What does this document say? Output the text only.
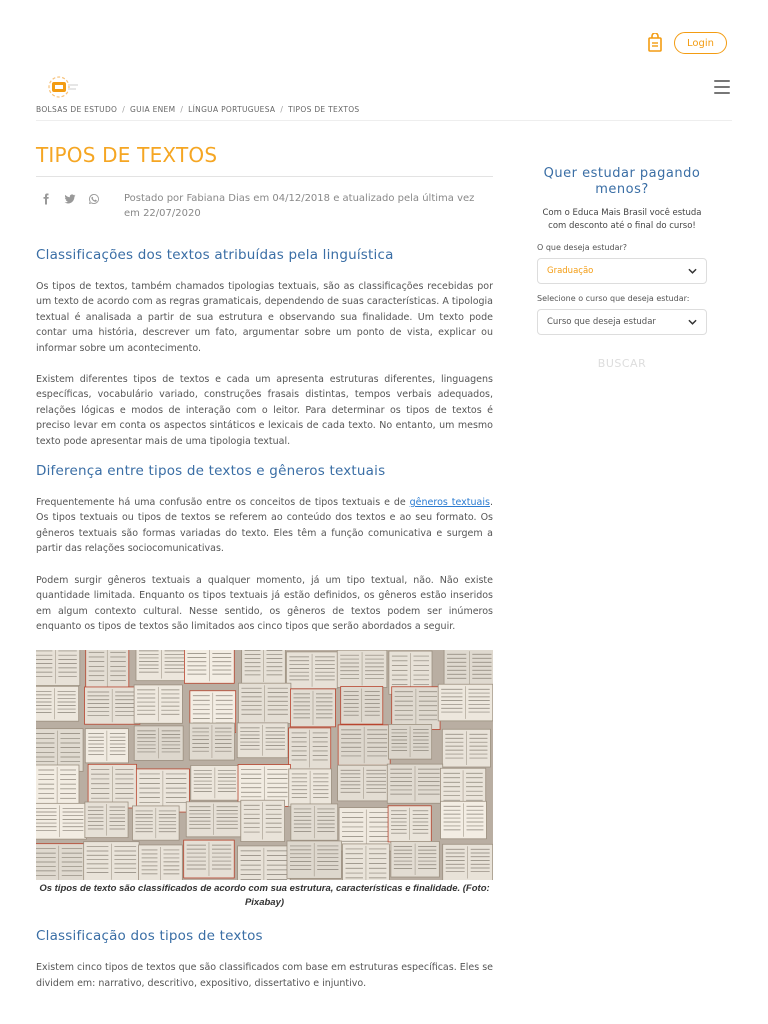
Login
BOLSAS DE ESTUDO / GUIA ENEM / LÍNGUA PORTUGUESA / TIPOS DE TEXTOS
TIPOS DE TEXTOS
Postado por Fabiana Dias em 04/12/2018 e atualizado pela última vez em 22/07/2020
Classificações dos textos atribuídas pela linguística

Os tipos de textos, também chamados tipologias textuais, são as classificações recebidas por um texto de acordo com as regras gramaticais, dependendo de suas características. A tipologia textual é analisada a partir de sua estrutura e observando sua finalidade. Um texto pode contar uma história, descrever um fato, argumentar sobre um ponto de vista, explicar ou informar sobre um acontecimento.

Existem diferentes tipos de textos e cada um apresenta estruturas diferentes, linguagens específicas, vocabulário variado, construções frasais distintas, tempos verbais adequados, relações lógicas e modos de interação com o leitor. Para determinar os tipos de textos é preciso levar em conta os aspectos sintáticos e lexicais de cada texto. No entanto, um mesmo texto pode apresentar mais de uma tipologia textual.

Diferença entre tipos de textos e gêneros textuais

Frequentemente há uma confusão entre os conceitos de tipos textuais e de gêneros textuais. Os tipos textuais ou tipos de textos se referem ao conteúdo dos textos e ao seu formato. Os gêneros textuais são formas variadas do texto. Eles têm a função comunicativa e surgem a partir das relações sociocomunicativas.

Podem surgir gêneros textuais a qualquer momento, já um tipo textual, não. Não existe quantidade limitada. Enquanto os tipos textuais já estão definidos, os gêneros estão inseridos em algum contexto cultural. Nesse sentido, os gêneros de textos podem ser inúmeros enquanto os tipos de textos são limitados aos cinco tipos que serão abordados a seguir.

Os tipos de texto são classificados de acordo com sua estrutura, características e finalidade. (Foto: Pixabay)
Classificação dos tipos de textos

Existem cinco tipos de textos que são classificados com base em estruturas específicas. Eles se dividem em: narrativo, descritivo, expositivo, dissertativo e injuntivo.

Quer estudar pagando menos?
Com o Educa Mais Brasil você estuda com desconto até o final do curso!
O que deseja estudar?
Graduação
Selecione o curso que deseja estudar:
Curso que deseja estudar
BUSCAR
